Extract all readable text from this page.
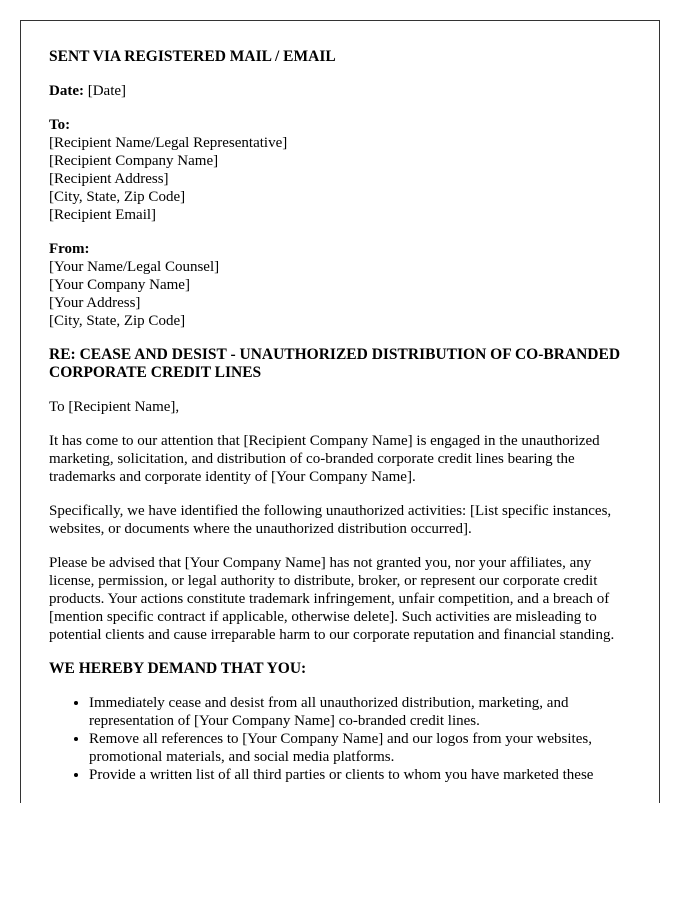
SENT VIA REGISTERED MAIL / EMAIL

Date: [Date]

To:
[Recipient Name/Legal Representative]
[Recipient Company Name]
[Recipient Address]
[City, State, Zip Code]
[Recipient Email]

From:
[Your Name/Legal Counsel]
[Your Company Name]
[Your Address]
[City, State, Zip Code]

RE: CEASE AND DESIST - UNAUTHORIZED DISTRIBUTION OF CO-BRANDED CORPORATE CREDIT LINES

To [Recipient Name],

It has come to our attention that [Recipient Company Name] is engaged in the unauthorized marketing, solicitation, and distribution of co-branded corporate credit lines bearing the trademarks and corporate identity of [Your Company Name].

Specifically, we have identified the following unauthorized activities: [List specific instances, websites, or documents where the unauthorized distribution occurred].

Please be advised that [Your Company Name] has not granted you, nor your affiliates, any license, permission, or legal authority to distribute, broker, or represent our corporate credit products. Your actions constitute trademark infringement, unfair competition, and a breach of [mention specific contract if applicable, otherwise delete]. Such activities are misleading to potential clients and cause irreparable harm to our corporate reputation and financial standing.

WE HEREBY DEMAND THAT YOU:
• Immediately cease and desist from all unauthorized distribution, marketing, and representation of [Your Company Name] co-branded credit lines.
• Remove all references to [Your Company Name] and our logos from your websites, promotional materials, and social media platforms.
• Provide a written list of all third parties or clients to whom you have marketed these
